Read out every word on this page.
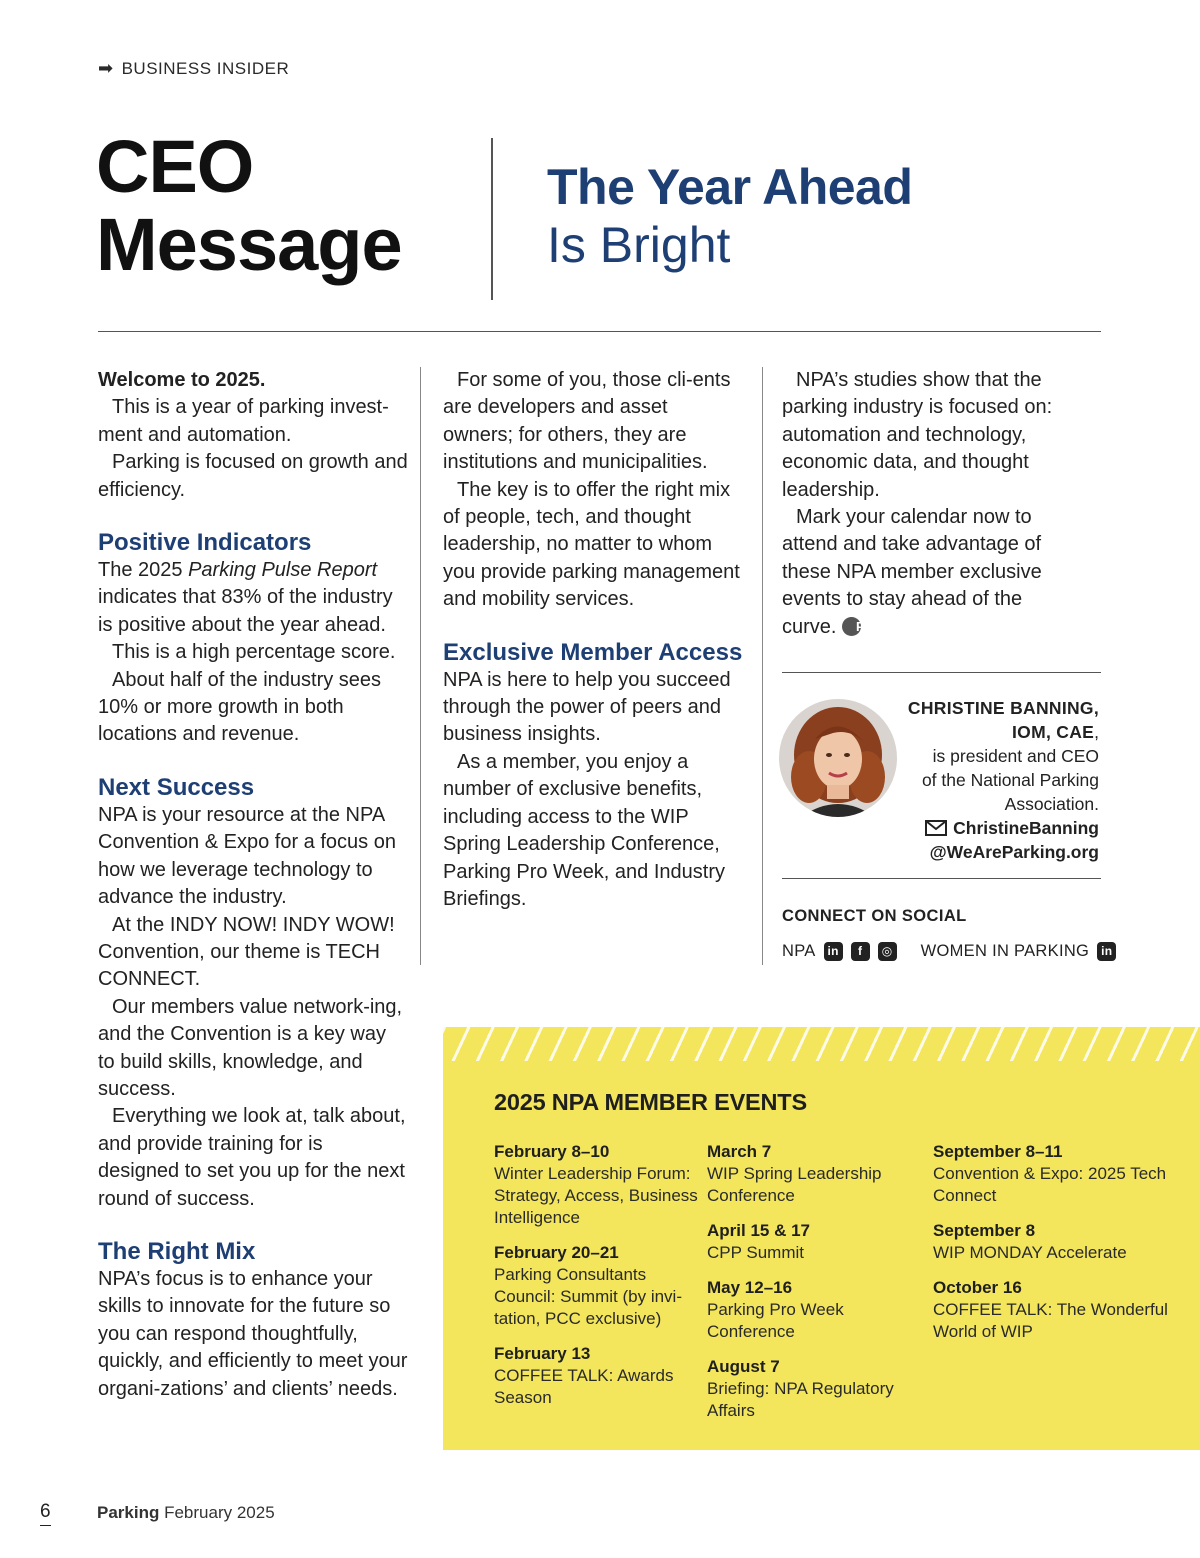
➡ BUSINESS INSIDER
CEO
Message
The Year Ahead
Is Bright

Welcome to 2025.

This is a year of parking invest-ment and automation.

Parking is focused on growth and efficiency.

Positive Indicators

The 2025 Parking Pulse Report indicates that 83% of the industry is positive about the year ahead.

This is a high percentage score.

About half of the industry sees 10% or more growth in both locations and revenue.

Next Success

NPA is your resource at the NPA Convention & Expo for a focus on how we leverage technology to advance the industry.

At the INDY NOW! INDY WOW! Convention, our theme is TECH CONNECT.

Our members value network-ing, and the Convention is a key way to build skills, knowledge, and success.

Everything we look at, talk about, and provide training for is designed to set you up for the next round of success.

The Right Mix

NPA’s focus is to enhance your skills to innovate for the future so you can respond thoughtfully, quickly, and efficiently to meet your organi-zations’ and clients’ needs.

For some of you, those cli-ents are developers and asset owners; for others, they are institutions and municipalities.

The key is to offer the right mix of people, tech, and thought leadership, no matter to whom you provide parking management and mobility services.

Exclusive Member Access

NPA is here to help you succeed through the power of peers and business insights.

As a member, you enjoy a number of exclusive benefits, including access to the WIP Spring Leadership Conference, Parking Pro Week, and Industry Briefings.

NPA’s studies show that the parking industry is focused on: automation and technology, economic data, and thought leadership.

Mark your calendar now to attend and take advantage of these NPA member exclusive events to stay ahead of the curve. P

CHRISTINE BANNING,
IOM, CAE,
is president and CEO
of the National Parking
Association.
ChristineBanning
@WeAreParking.org
CONNECT ON SOCIAL
NPA in	f	◎ WOMEN IN PARKING in
2025 NPA MEMBER EVENTS
February 8–10
Winter Leadership Forum: Strategy, Access, Business Intelligence
February 20–21
Parking Consultants Council: Summit (by invi-tation, PCC exclusive)
February 13
COFFEE TALK: Awards Season
March 7
WIP Spring Leadership Conference
April 15 & 17
CPP Summit
May 12–16
Parking Pro Week Conference
August 7
Briefing: NPA Regulatory Affairs
September 8–11
Convention & Expo: 2025 Tech Connect
September 8
WIP MONDAY Accelerate
October 16
COFFEE TALK: The Wonderful World of WIP
6	Parking February 2025
